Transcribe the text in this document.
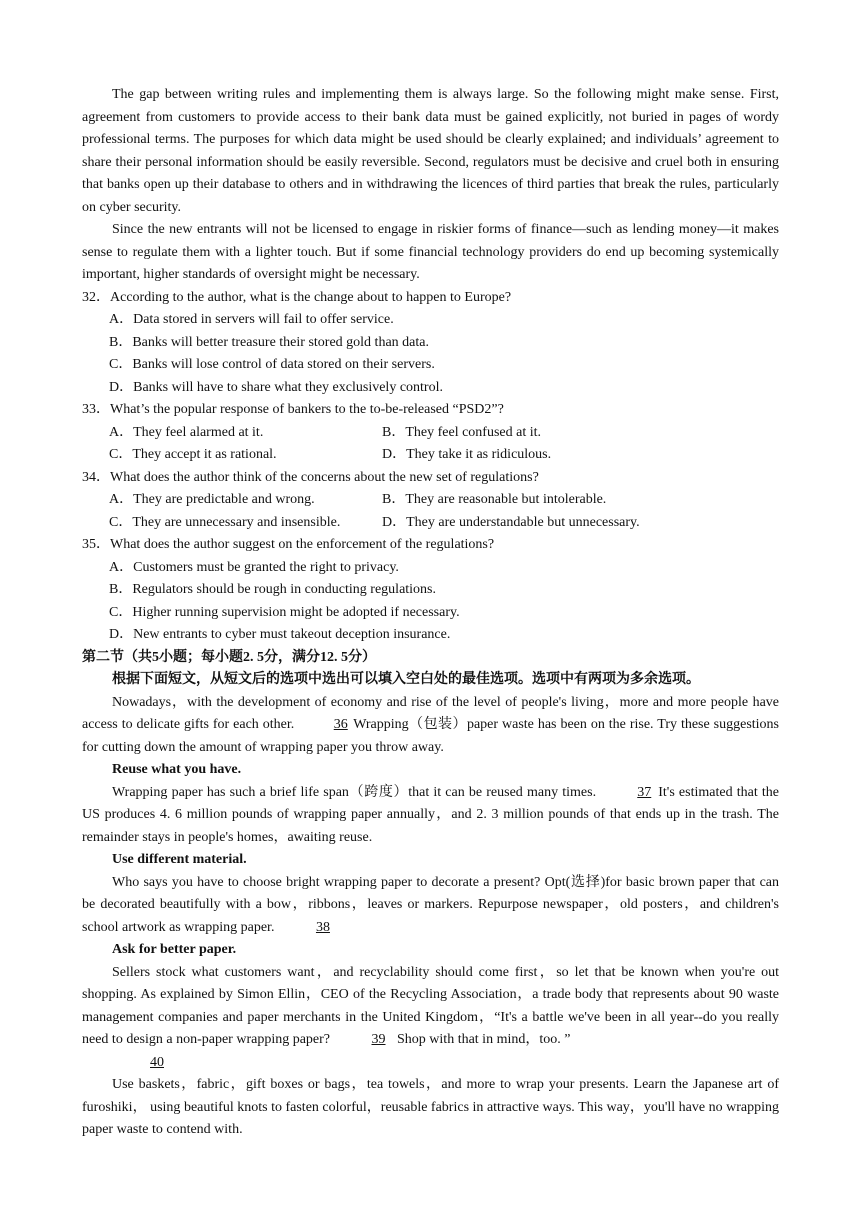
The gap between writing rules and implementing them is always large. So the following might make sense. First, agreement from customers to provide access to their bank data must be gained explicitly, not buried in pages of wordy professional terms. The purposes for which data might be used should be clearly explained; and individuals’ agreement to share their personal information should be easily reversible. Second, regulators must be decisive and cruel both in ensuring that banks open up their database to others and in withdrawing the licences of third parties that break the rules, particularly on cyber security.

Since the new entrants will not be licensed to engage in riskier forms of finance—such as lending money—it makes sense to regulate them with a lighter touch. But if some financial technology providers do end up becoming systemically important, higher standards of oversight might be necessary.

32．According to the author, what is the change about to happen to Europe?

A．Data stored in servers will fail to offer service.

B．Banks will better treasure their stored gold than data.

C．Banks will lose control of data stored on their servers.

D．Banks will have to share what they exclusively control.

33．What’s the popular response of bankers to the to-be-released “PSD2”?

A．They feel alarmed at it.	B．They feel confused at it.
C．They accept it as rational.	D．They take it as ridiculous.

34．What does the author think of the concerns about the new set of regulations?

A．They are predictable and wrong.	B．They are reasonable but intolerable.
C．They are unnecessary and insensible.	D．They are understandable but unnecessary.

35．What does the author suggest on the enforcement of the regulations?

A．Customers must be granted the right to privacy.

B．Regulators should be rough in conducting regulations.

C．Higher running supervision might be adopted if necessary.

D．New entrants to cyber must takeout deception insurance.

第二节（共5小题；每小题2. 5分，满分12. 5分）

根据下面短文，从短文后的选项中选出可以填入空白处的最佳选项。选项中有两项为多余选项。

Nowadays，with the development of economy and rise of the level of people's living，more and more people have access to delicate gifts for each other.	36 Wrapping（包装）paper waste has been on the rise. Try these suggestions for cutting down the amount of wrapping paper you throw away.

Reuse what you have.

Wrapping paper has such a brief life span（跨度）that it can be reused many times.	37 It's estimated that the US produces 4. 6 million pounds of wrapping paper annually，and 2. 3 million pounds of that ends up in the trash. The remainder stays in people's homes，awaiting reuse.

Use different material.

Who says you have to choose bright wrapping paper to decorate a present? Opt(选择)for basic brown paper that can be decorated beautifully with a bow，ribbons，leaves or markers. Repurpose newspaper，old posters，and children's school artwork as wrapping paper.	38

Ask for better paper.

Sellers stock what customers want，and recyclability should come first，so let that be known when you're out shopping. As explained by Simon Ellin，CEO of the Recycling Association，a trade body that represents about 90 waste management companies and paper merchants in the United Kingdom，“It's a battle we've been in all year--do you really need to design a non-paper wrapping paper?	39 Shop with that in mind，too. ”

40

Use baskets，fabric，gift boxes or bags，tea towels，and more to wrap your presents. Learn the Japanese art of furoshiki， using beautiful knots to fasten colorful，reusable fabrics in attractive ways. This way，you'll have no wrapping paper waste to contend with.
